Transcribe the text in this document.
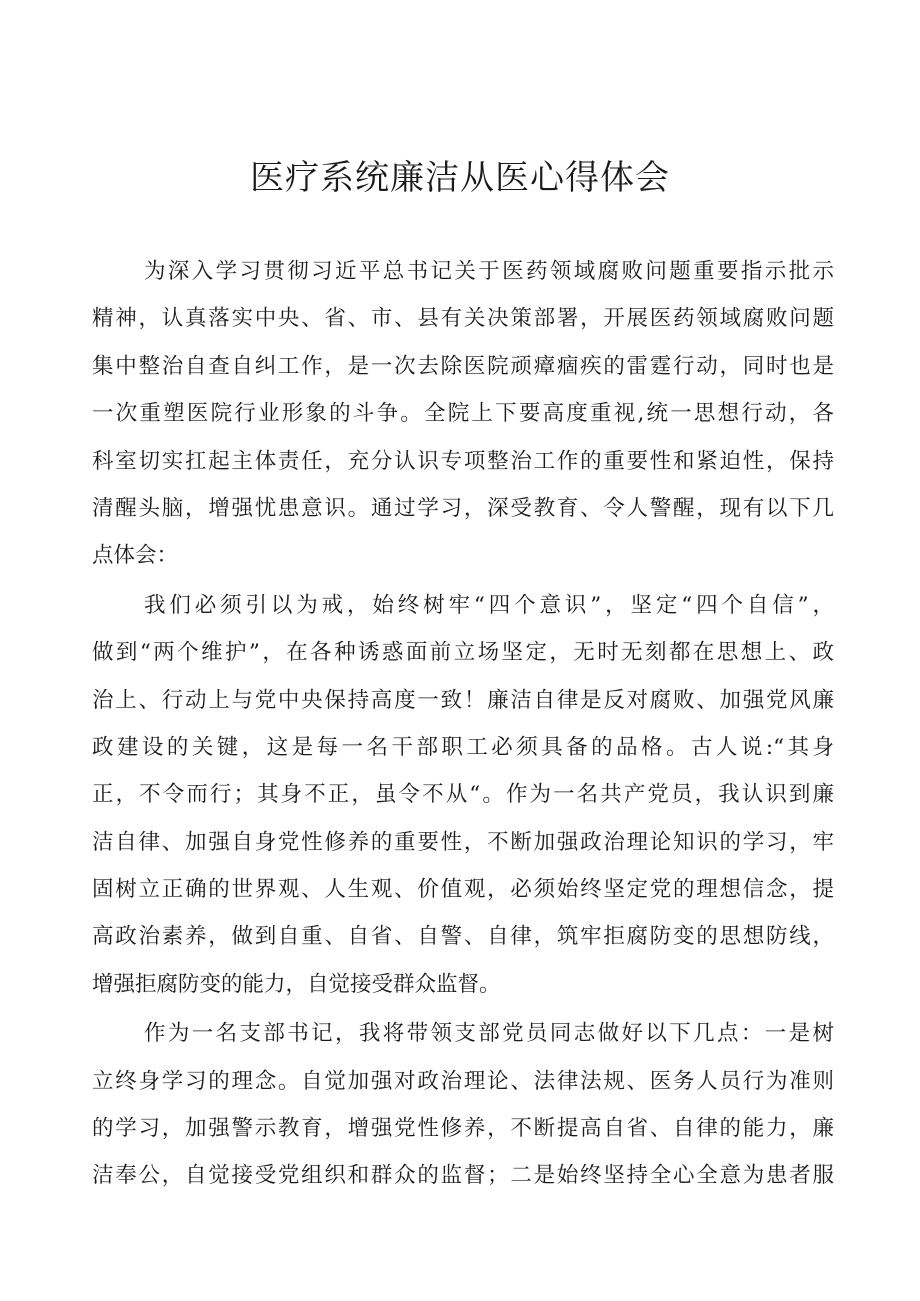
医疗系统廉洁从医心得体会
为深入学习贯彻习近平总书记关于医药领域腐败问题重要指示批示
精神，认真落实中央、省、市、县有关决策部署，开展医药领域腐败问题
集中整治自查自纠工作，是一次去除医院顽瘴痼疾的雷霆行动，同时也是
一次重塑医院行业形象的斗争。全院上下要高度重视,统一思想行动，各
科室切实扛起主体责任，充分认识专项整治工作的重要性和紧迫性，保持
清醒头脑，增强忧患意识。通过学习，深受教育、令人警醒，现有以下几
点体会：
我们必须引以为戒，始终树牢“四个意识”，坚定“四个自信”，
做到“两个维护”，在各种诱惑面前立场坚定，无时无刻都在思想上、政
治上、行动上与党中央保持高度一致！廉洁自律是反对腐败、加强党风廉
政建设的关键，这是每一名干部职工必须具备的品格。古人说:“其身
正，不令而行；其身不正，虽令不从“。作为一名共产党员，我认识到廉
洁自律、加强自身党性修养的重要性，不断加强政治理论知识的学习，牢
固树立正确的世界观、人生观、价值观，必须始终坚定党的理想信念，提
高政治素养，做到自重、自省、自警、自律，筑牢拒腐防变的思想防线，
增强拒腐防变的能力，自觉接受群众监督。
作为一名支部书记，我将带领支部党员同志做好以下几点：一是树
立终身学习的理念。自觉加强对政治理论、法律法规、医务人员行为准则
的学习，加强警示教育，增强党性修养，不断提高自省、自律的能力，廉
洁奉公，自觉接受党组织和群众的监督；二是始终坚持全心全意为患者服
